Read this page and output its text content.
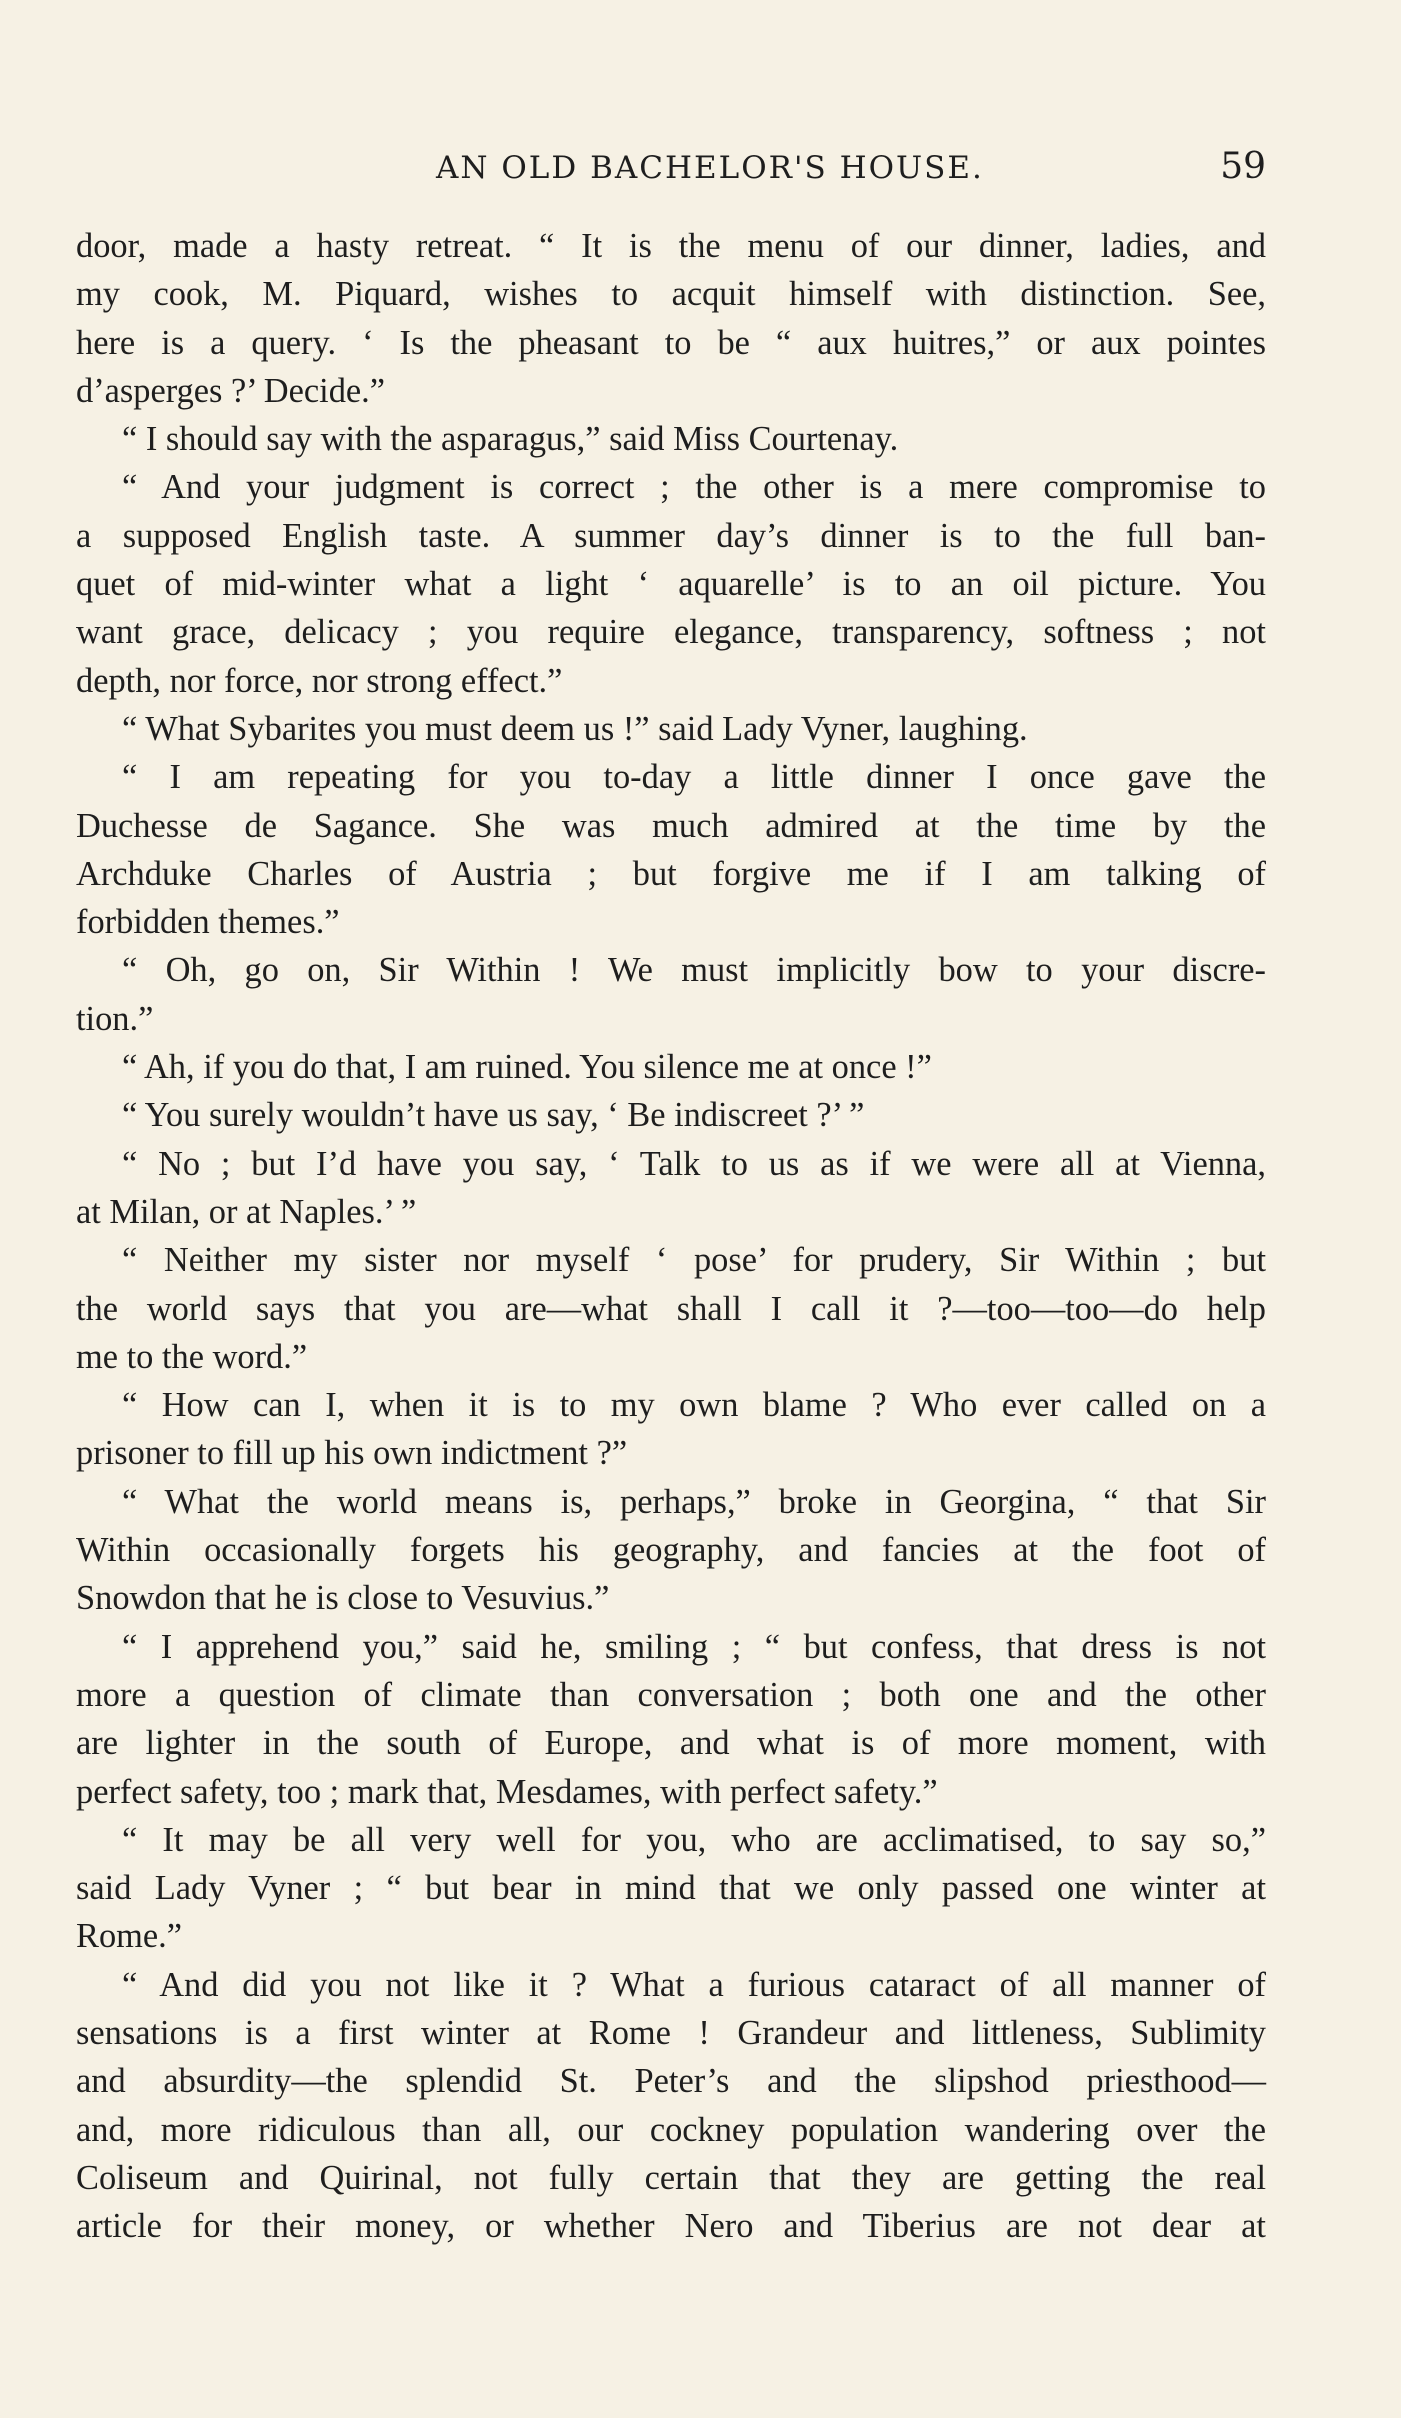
AN OLD BACHELOR'S HOUSE.	59
door, made a hasty retreat. “ It is the menu of our dinner, ladies, and
my cook, M. Piquard, wishes to acquit himself with distinction. See,
here is a query. ‘ Is the pheasant to be “ aux huitres,” or aux pointes
d’asperges ?’ Decide.”
“ I should say with the asparagus,” said Miss Courtenay.
“ And your judgment is correct ; the other is a mere compromise to
a supposed English taste. A summer day’s dinner is to the full ban-
quet of mid-winter what a light ‘ aquarelle’ is to an oil picture. You
want grace, delicacy ; you require elegance, transparency, softness ; not
depth, nor force, nor strong effect.”
“ What Sybarites you must deem us !” said Lady Vyner, laughing.
“ I am repeating for you to-day a little dinner I once gave the
Duchesse de Sagance. She was much admired at the time by the
Archduke Charles of Austria ; but forgive me if I am talking of
forbidden themes.”
“ Oh, go on, Sir Within ! We must implicitly bow to your discre-
tion.”
“ Ah, if you do that, I am ruined. You silence me at once !”
“ You surely wouldn’t have us say, ‘ Be indiscreet ?’ ”
“ No ; but I’d have you say, ‘ Talk to us as if we were all at Vienna,
at Milan, or at Naples.’ ”
“ Neither my sister nor myself ‘ pose’ for prudery, Sir Within ; but
the world says that you are—what shall I call it ?—too—too—do help
me to the word.”
“ How can I, when it is to my own blame ? Who ever called on a
prisoner to fill up his own indictment ?”
“ What the world means is, perhaps,” broke in Georgina, “ that Sir
Within occasionally forgets his geography, and fancies at the foot of
Snowdon that he is close to Vesuvius.”
“ I apprehend you,” said he, smiling ; “ but confess, that dress is not
more a question of climate than conversation ; both one and the other
are lighter in the south of Europe, and what is of more moment, with
perfect safety, too ; mark that, Mesdames, with perfect safety.”
“ It may be all very well for you, who are acclimatised, to say so,”
said Lady Vyner ; “ but bear in mind that we only passed one winter at
Rome.”
“ And did you not like it ? What a furious cataract of all manner of
sensations is a first winter at Rome ! Grandeur and littleness, Sublimity
and absurdity—the splendid St. Peter’s and the slipshod priesthood—
and, more ridiculous than all, our cockney population wandering over the
Coliseum and Quirinal, not fully certain that they are getting the real
article for their money, or whether Nero and Tiberius are not dear at
